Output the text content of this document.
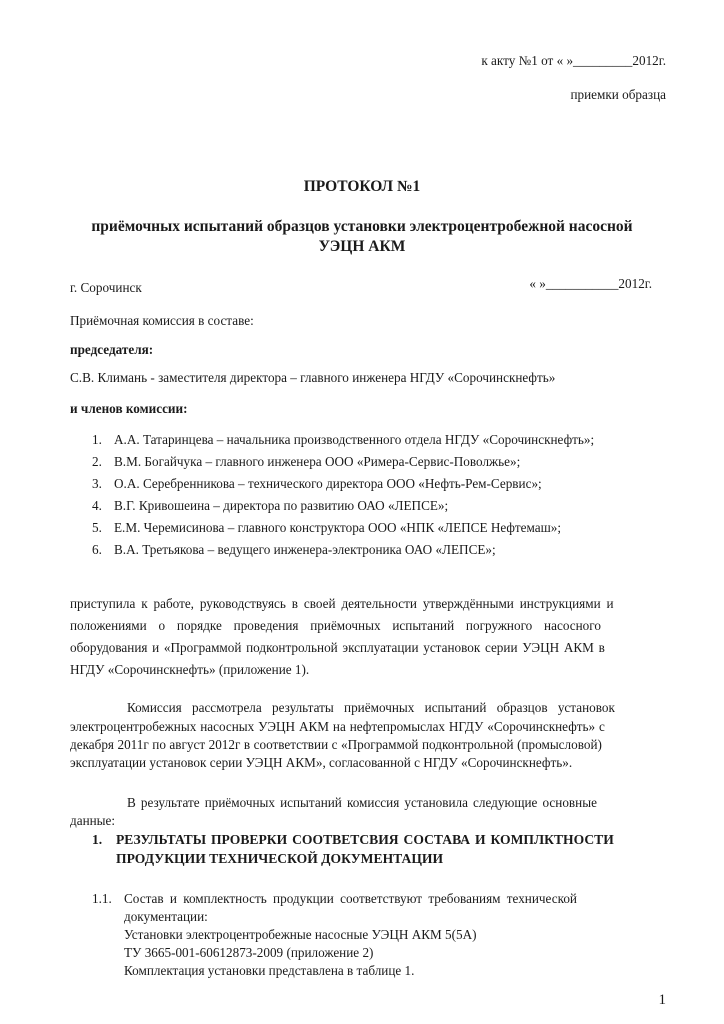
к акту №1 от « »_________2012г.
приемки образца
ПРОТОКОЛ №1
приёмочных испытаний образцов установки электроцентробежной насосной
УЭЦН АКМ
г. Сорочинск	« »___________2012г.
Приёмочная комиссия в составе:
председателя:
С.В. Климань - заместителя директора – главного инженера НГДУ «Сорочинскнефть»
и членов комиссии:
1. А.А. Татаринцева – начальника производственного отдела НГДУ «Сорочинскнефть»;
2. В.М. Богайчука – главного инженера ООО «Римера-Сервис-Поволжье»;
3. О.А. Серебренникова – технического директора ООО «Нефть-Рем-Сервис»;
4. В.Г. Кривошеина – директора по развитию ОАО «ЛЕПСЕ»;
5. Е.М. Черемисинова – главного конструктора ООО «НПК «ЛЕПСЕ Нефтемаш»;
6. В.А. Третьякова – ведущего инженера-электроника ОАО «ЛЕПСЕ»;
приступила к работе, руководствуясь в своей деятельности утверждёнными инструкциями и
положениями о порядке проведения приёмочных испытаний погружного насосного
оборудования и «Программой подконтрольной эксплуатации установок серии УЭЦН АКМ в
НГДУ «Сорочинскнефть» (приложение 1).
Комиссия рассмотрела результаты приёмочных испытаний образцов установок
электроцентробежных насосных УЭЦН АКМ на нефтепромыслах НГДУ «Сорочинскнефть» с
декабря 2011г по август 2012г в соответствии с «Программой подконтрольной (промысловой)
эксплуатации установок серии УЭЦН АКМ», согласованной с НГДУ «Сорочинскнефть».
В результате приёмочных испытаний комиссия установила следующие основные
данные:
1. РЕЗУЛЬТАТЫ ПРОВЕРКИ СООТВЕТСВИЯ СОСТАВА И КОМПЛКТНОСТИ
ПРОДУКЦИИ ТЕХНИЧЕСКОЙ ДОКУМЕНТАЦИИ
1.1. Состав и комплектность продукции соответствуют требованиям технической
документации:
Установки электроцентробежные насосные УЭЦН АКМ 5(5А)
ТУ 3665-001-60612873-2009 (приложение 2)
Комплектация установки представлена в таблице 1.
1
